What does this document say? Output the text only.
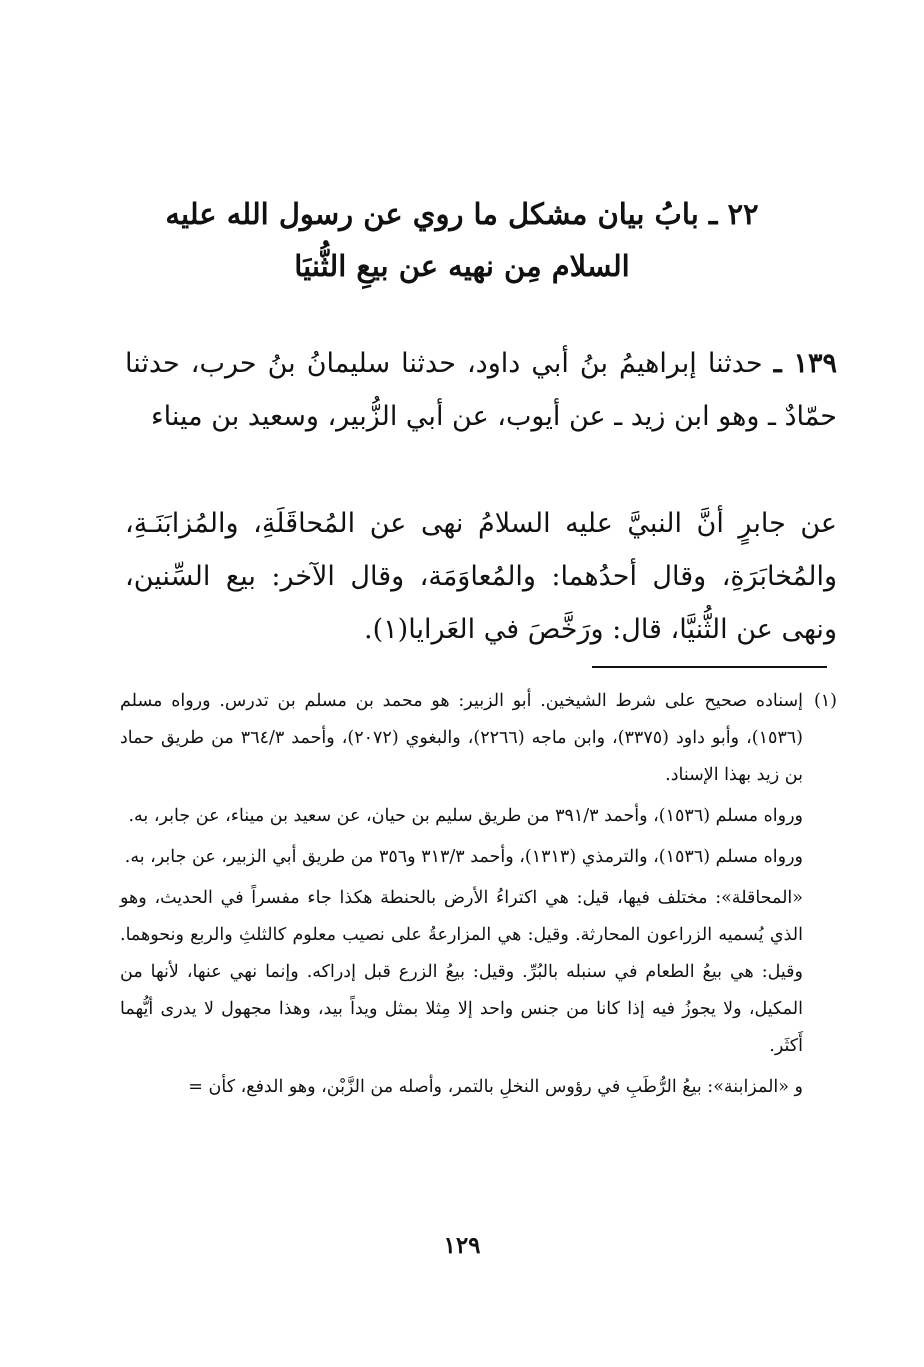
٢٢ ـ بابُ بيان مشكل ما روي عن رسول الله عليه
السلام مِن نهيه عن بيعِ الثُّنيَا
١٣٩ ـ حدثنا إبراهيمُ بنُ أبي داود، حدثنا سليمانُ بنُ حرب، حدثنا حمّادٌ ـ وهو ابن زيد ـ عن أيوب، عن أبي الزُّبير، وسعيد بن ميناء
عن جابرٍ أنَّ النبيَّ عليه السلامُ نهى عن المُحاقَلَةِ، والمُزابَنَـةِ، والمُخابَرَةِ، وقال أحدُهما: والمُعاوَمَة، وقال الآخر: بيع السِّنين، ونهى عن الثُّنيَّا، قال: ورَخَّصَ في العَرايا(١).

(١)
إسناده صحيح على شرط الشيخين. أبو الزبير: هو محمد بن مسلم بن تدرس. ورواه مسلم (١٥٣٦)، وأبو داود (٣٣٧٥)، وابن ماجه (٢٢٦٦)، والبغوي (٢٠٧٢)، وأحمد ٣٦٤/٣ من طريق حماد بن زيد بهذا الإسناد.

ورواه مسلم (١٥٣٦)، وأحمد ٣٩١/٣ من طريق سليم بن حيان، عن سعيد بن ميناء، عن جابر، به.

ورواه مسلم (١٥٣٦)، والترمذي (١٣١٣)، وأحمد ٣١٣/٣ و٣٥٦ من طريق أبي الزبير، عن جابر، به.

«المحاقلة»: مختلف فيها، قيل: هي اكتراءُ الأرض بالحنطة هكذا جاء مفسراً في الحديث، وهو الذي يُسميه الزراعون المحارثة. وقيل: هي المزارعةُ على نصيب معلوم كالثلثِ والربع ونحوهما. وقيل: هي بيعُ الطعام في سنبله بالبُرِّ. وقيل: بيعُ الزرع قبل إدراكه. وإنما نهي عنها، لأنها من المكيل، ولا يجوزُ فيه إذا كانا من جنس واحد إلا مِثلا بمثل ويداً بيد، وهذا مجهول لا يدرى أيُّهما أَكثَر.

و «المزابنة»: بيعُ الرُّطَبِ في رؤوس النخلِ بالتمر، وأصله من الزَّبْن، وهو الدفع، كأن =

١٢٩
